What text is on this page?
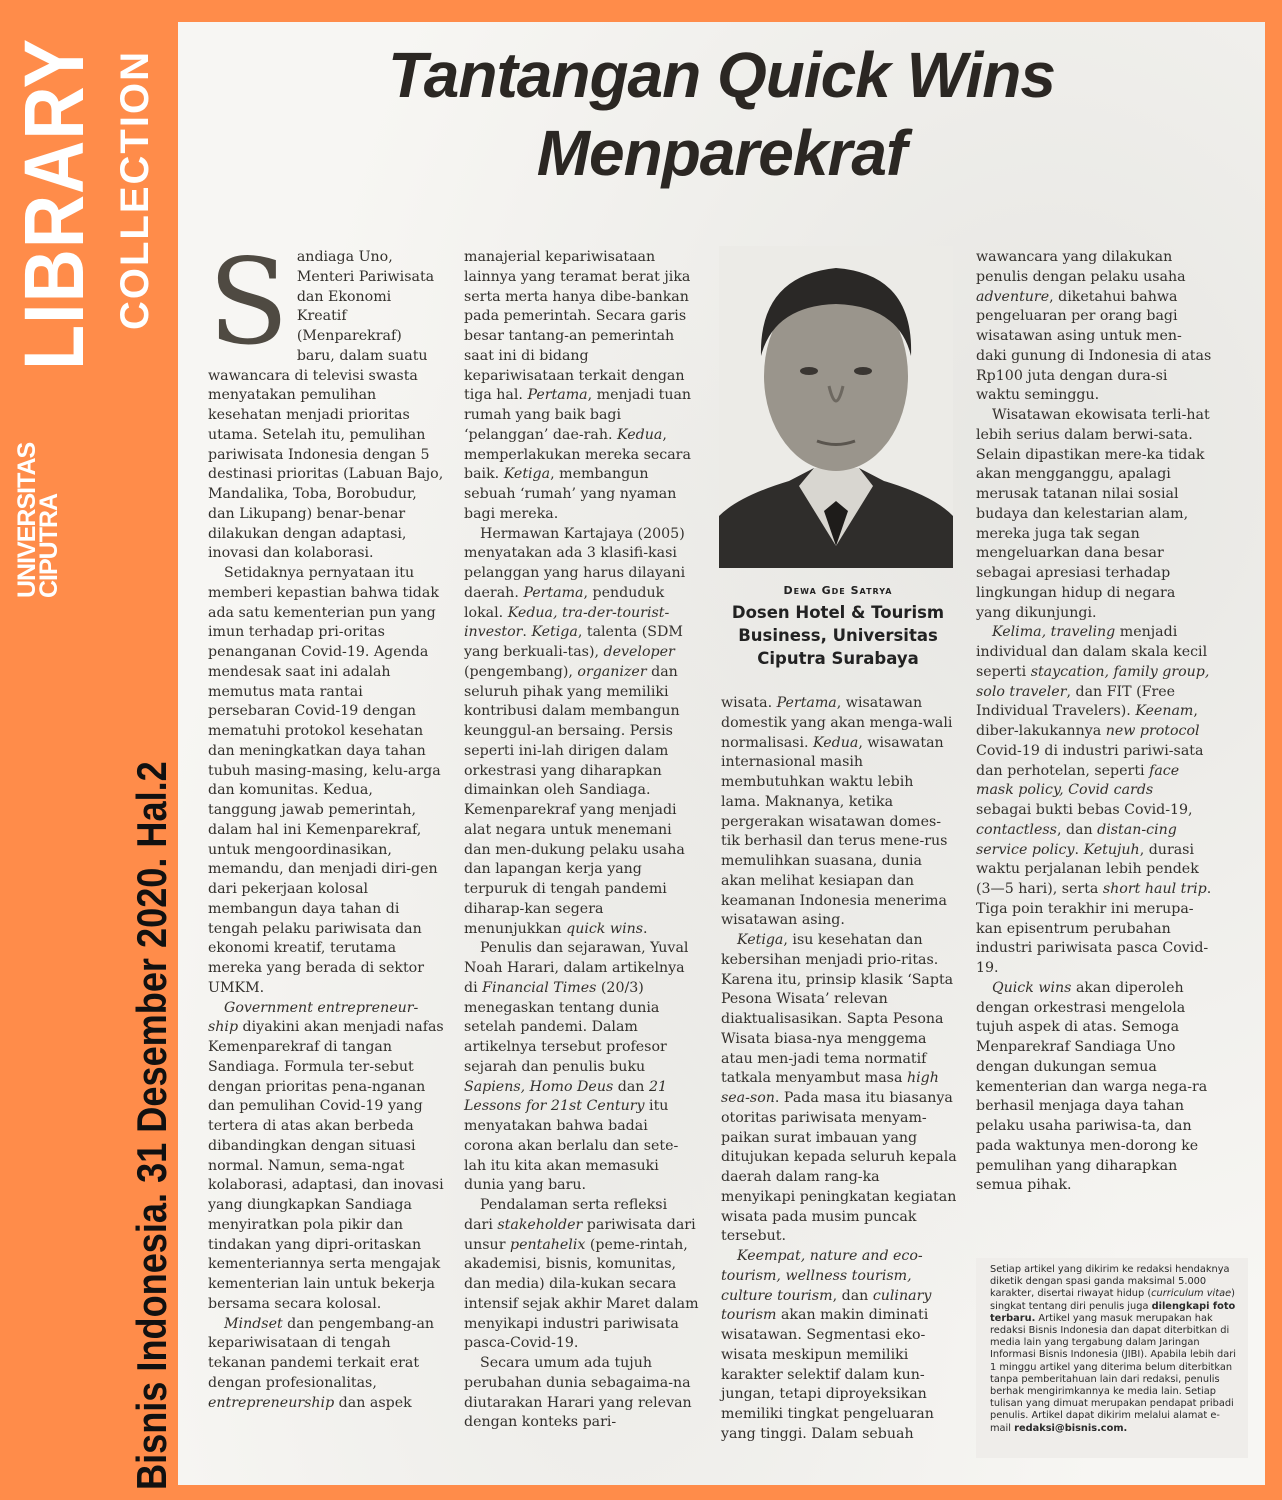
LIBRARY
UNIVERSITAS
CIPUTRA
COLLECTION
Bisnis Indonesia. 31 Desember 2020. Hal.2
Tantangan Quick Wins
Menparekraf

Sandiaga Uno, Menteri Pariwisata dan Ekonomi Kreatif (Menparekraf) baru, dalam suatu wawancara di televisi swasta menyatakan pemulihan kesehatan menjadi prioritas utama. Setelah itu, pemulihan pariwisata Indonesia dengan 5 destinasi prioritas (Labuan Bajo, Mandalika, Toba, Borobudur, dan Likupang) benar-benar dilakukan dengan adaptasi, inovasi dan kolaborasi.

Setidaknya pernyataan itu memberi kepastian bahwa tidak ada satu kementerian pun yang imun terhadap pri-oritas penanganan Covid-19. Agenda mendesak saat ini adalah memutus mata rantai persebaran Covid-19 dengan mematuhi protokol kesehatan dan meningkatkan daya tahan tubuh masing-masing, kelu-arga dan komunitas. Kedua, tanggung jawab pemerintah, dalam hal ini Kemenparekraf, untuk mengoordinasikan, memandu, dan menjadi diri-gen dari pekerjaan kolosal membangun daya tahan di tengah pelaku pariwisata dan ekonomi kreatif, terutama mereka yang berada di sektor UMKM.

Government entrepreneur-ship diyakini akan menjadi nafas Kemenparekraf di tangan Sandiaga. Formula ter-sebut dengan prioritas pena-nganan dan pemulihan Covid-19 yang tertera di atas akan berbeda dibandingkan dengan situasi normal. Namun, sema-ngat kolaborasi, adaptasi, dan inovasi yang diungkapkan Sandiaga menyiratkan pola pikir dan tindakan yang dipri-oritaskan kementeriannya serta mengajak kementerian lain untuk bekerja bersama secara kolosal.

Mindset dan pengembang-an kepariwisataan di tengah tekanan pandemi terkait erat dengan profesionalitas, entrepreneurship dan aspek

manajerial kepariwisataan lainnya yang teramat berat jika serta merta hanya dibe-bankan pada pemerintah. Secara garis besar tantang-an pemerintah saat ini di bidang kepariwisataan terkait dengan tiga hal. Pertama, menjadi tuan rumah yang baik bagi ‘pelanggan’ dae-rah. Kedua, memperlakukan mereka secara baik. Ketiga, membangun sebuah ‘rumah’ yang nyaman bagi mereka.

Hermawan Kartajaya (2005) menyatakan ada 3 klasifi-kasi pelanggan yang harus dilayani daerah. Pertama, penduduk lokal. Kedua, tra-der-tourist-investor. Ketiga, talenta (SDM yang berkuali-tas), developer (pengembang), organizer dan seluruh pihak yang memiliki kontribusi dalam membangun keunggul-an bersaing. Persis seperti ini-lah dirigen dalam orkestrasi yang diharapkan dimainkan oleh Sandiaga. Kemenparekraf yang menjadi alat negara untuk menemani dan men-dukung pelaku usaha dan lapangan kerja yang terpuruk di tengah pandemi diharap-kan segera menunjukkan quick wins.

Penulis dan sejarawan, Yuval Noah Harari, dalam artikelnya di Financial Times (20/3) menegaskan tentang dunia setelah pandemi. Dalam artikelnya tersebut profesor sejarah dan penulis buku Sapiens, Homo Deus dan 21 Lessons for 21st Century itu menyatakan bahwa badai corona akan berlalu dan sete-lah itu kita akan memasuki dunia yang baru.

Pendalaman serta refleksi dari stakeholder pariwisata dari unsur pentahelix (peme-rintah, akademisi, bisnis, komunitas, dan media) dila-kukan secara intensif sejak akhir Maret dalam menyikapi industri pariwisata pasca-Covid-19.

Secara umum ada tujuh perubahan dunia sebagaima-na diutarakan Harari yang relevan dengan konteks pari-

Dewa Gde Satrya
Dosen Hotel & Tourism
Business, Universitas
Ciputra Surabaya

wisata. Pertama, wisatawan domestik yang akan menga-wali normalisasi. Kedua, wisawatan internasional masih membutuhkan waktu lebih lama. Maknanya, ketika pergerakan wisatawan domes-tik berhasil dan terus mene-rus memulihkan suasana, dunia akan melihat kesiapan dan keamanan Indonesia menerima wisatawan asing.

Ketiga, isu kesehatan dan kebersihan menjadi prio-ritas. Karena itu, prinsip klasik ‘Sapta Pesona Wisata’ relevan diaktualisasikan. Sapta Pesona Wisata biasa-nya menggema atau men-jadi tema normatif tatkala menyambut masa high sea-son. Pada masa itu biasanya otoritas pariwisata menyam-paikan surat imbauan yang ditujukan kepada seluruh kepala daerah dalam rang-ka menyikapi peningkatan kegiatan wisata pada musim puncak tersebut.

Keempat, nature and eco-tourism, wellness tourism, culture tourism, dan culinary tourism akan makin diminati wisatawan. Segmentasi eko-wisata meskipun memiliki karakter selektif dalam kun-jungan, tetapi diproyeksikan memiliki tingkat pengeluaran yang tinggi. Dalam sebuah

wawancara yang dilakukan penulis dengan pelaku usaha adventure, diketahui bahwa pengeluaran per orang bagi wisatawan asing untuk men-daki gunung di Indonesia di atas Rp100 juta dengan dura-si waktu seminggu.

Wisatawan ekowisata terli-hat lebih serius dalam berwi-sata. Selain dipastikan mere-ka tidak akan mengganggu, apalagi merusak tatanan nilai sosial budaya dan kelestarian alam, mereka juga tak segan mengeluarkan dana besar sebagai apresiasi terhadap lingkungan hidup di negara yang dikunjungi.

Kelima, traveling menjadi individual dan dalam skala kecil seperti staycation, family group, solo traveler, dan FIT (Free Individual Travelers). Keenam, diber-lakukannya new protocol Covid-19 di industri pariwi-sata dan perhotelan, seperti face mask policy, Covid cards sebagai bukti bebas Covid-19, contactless, dan distan-cing service policy. Ketujuh, durasi waktu perjalanan lebih pendek (3—5 hari), serta short haul trip. Tiga poin terakhir ini merupa-kan episentrum perubahan industri pariwisata pasca Covid-19.

Quick wins akan diperoleh dengan orkestrasi mengelola tujuh aspek di atas. Semoga Menparekraf Sandiaga Uno dengan dukungan semua kementerian dan warga nega-ra berhasil menjaga daya tahan pelaku usaha pariwisa-ta, dan pada waktunya men-dorong ke pemulihan yang diharapkan semua pihak.

Setiap artikel yang dikirim ke redaksi hendaknya diketik dengan spasi ganda maksimal 5.000 karakter, disertai riwayat hidup (curriculum vitae) singkat tentang diri penulis juga dilengkapi foto terbaru. Artikel yang masuk merupakan hak redaksi Bisnis Indonesia dan dapat diterbitkan di media lain yang tergabung dalam Jaringan Informasi Bisnis Indonesia (JIBI). Apabila lebih dari 1 minggu artikel yang diterima belum diterbitkan tanpa pemberitahuan lain dari redaksi, penulis berhak mengirimkannya ke media lain. Setiap tulisan yang dimuat merupakan pendapat pribadi penulis. Artikel dapat dikirim melalui alamat e-mail redaksi@bisnis.com.
